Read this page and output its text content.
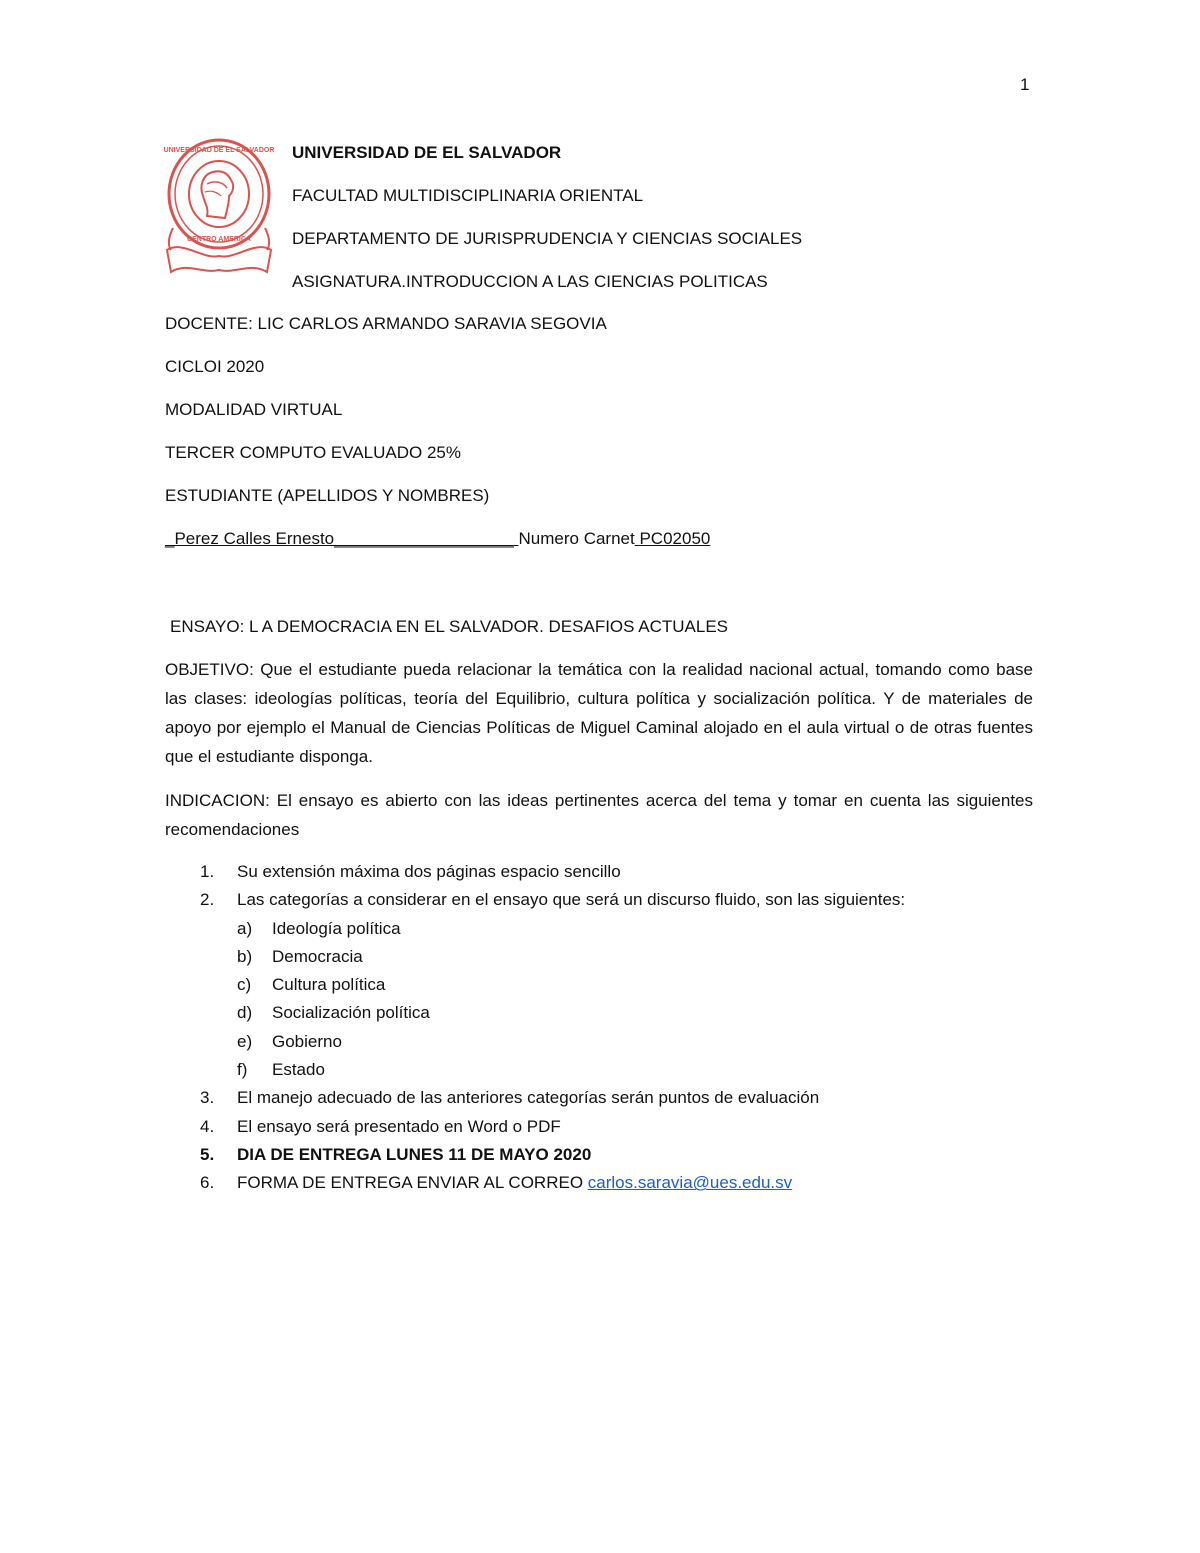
1
UNIVERSIDAD DE EL SALVADOR
CENTRO AMERICA
UNIVERSIDAD DE EL SALVADOR
FACULTAD MULTIDISCIPLINARIA ORIENTAL
DEPARTAMENTO DE JURISPRUDENCIA Y CIENCIAS SOCIALES
ASIGNATURA.INTRODUCCION A LAS CIENCIAS POLITICAS
DOCENTE: LIC CARLOS ARMANDO SARAVIA SEGOVIA
CICLOI 2020
MODALIDAD VIRTUAL
TERCER COMPUTO EVALUADO 25%
ESTUDIANTE (APELLIDOS Y NOMBRES)
_Perez Calles Ernesto___________________ Numero Carnet PC02050
ENSAYO: L A DEMOCRACIA EN EL SALVADOR. DESAFIOS ACTUALES
OBJETIVO: Que el estudiante pueda relacionar la temática con la realidad nacional actual, tomando como base las clases: ideologías políticas, teoría del Equilibrio, cultura política y socialización política. Y de materiales de apoyo por ejemplo el Manual de Ciencias Políticas de Miguel Caminal alojado en el aula virtual o de otras fuentes que el estudiante disponga.
INDICACION: El ensayo es abierto con las ideas pertinentes acerca del tema y tomar en cuenta las siguientes recomendaciones
1. Su extensión máxima dos páginas espacio sencillo
2. Las categorías a considerar en el ensayo que será un discurso fluido, son las siguientes:
a) Ideología política
b) Democracia
c) Cultura política
d) Socialización política
e) Gobierno
f) Estado
3. El manejo adecuado de las anteriores categorías serán puntos de evaluación
4. El ensayo será presentado en Word o PDF
5. DIA DE ENTREGA LUNES 11 DE MAYO 2020
6. FORMA DE ENTREGA ENVIAR AL CORREO carlos.saravia@ues.edu.sv
